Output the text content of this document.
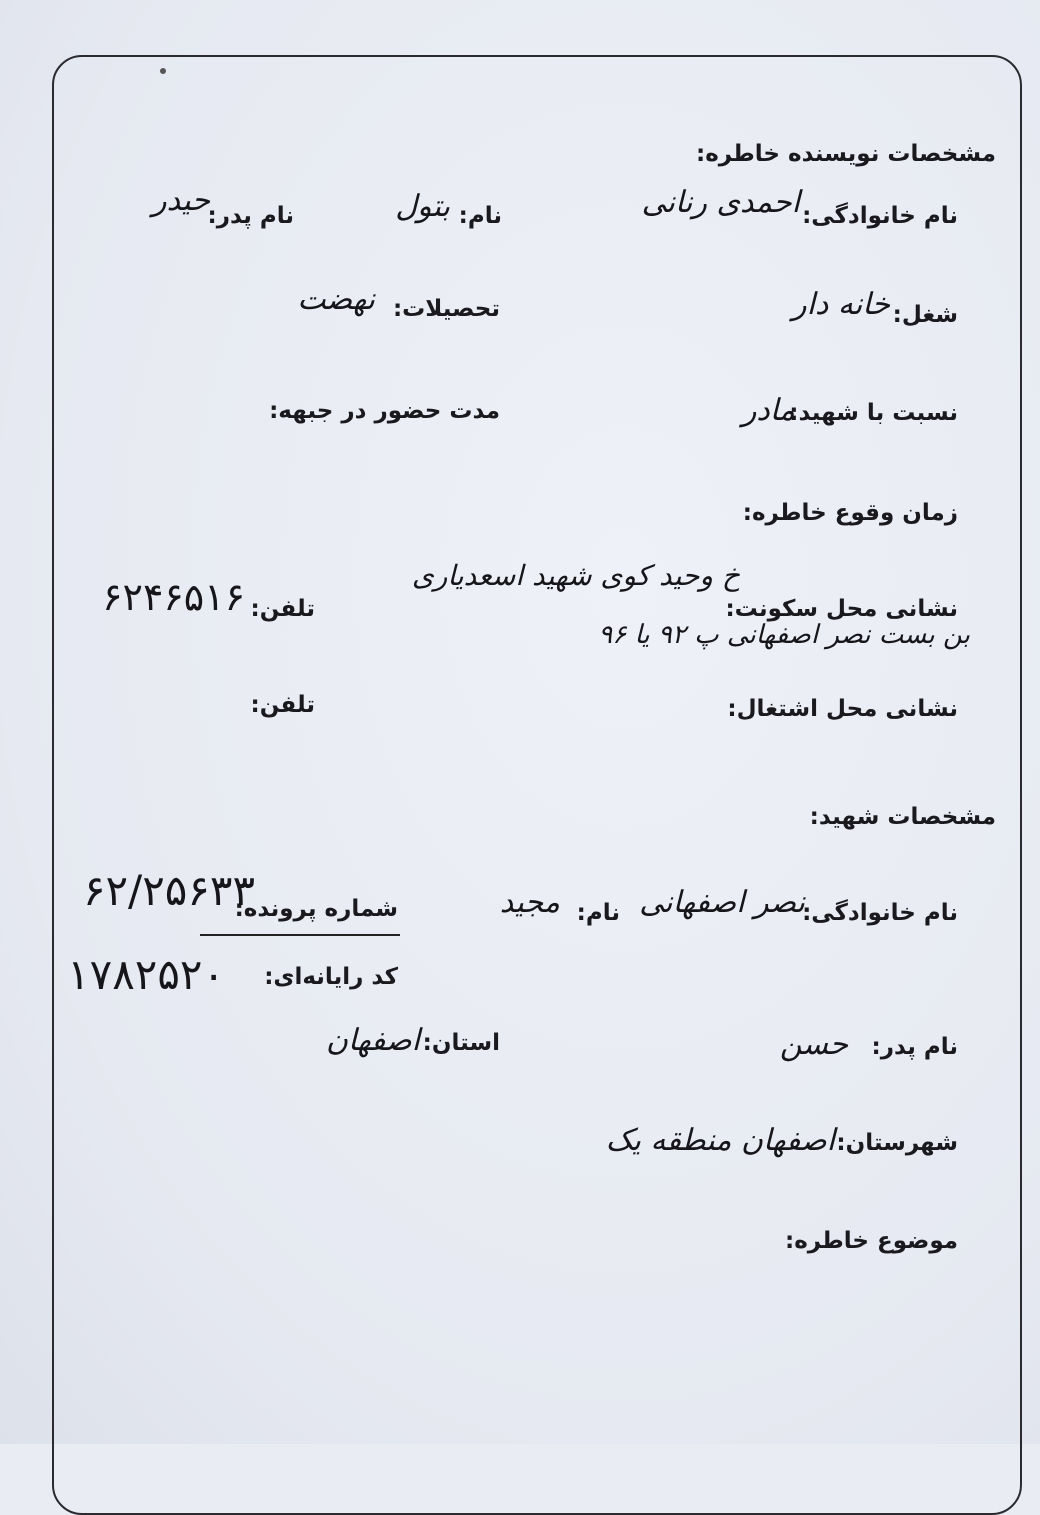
مشخصات نویسنده خاطره:
نام خانوادگی:
احمدی رنانی
نام:
بتول
نام پدر:
حیدر
شغل:
خانه دار
تحصیلات:
نهضت
نسبت با شهید:
مادر
مدت حضور در جبهه:
زمان وقوع خاطره:
نشانی محل سکونت:
خ وحید کوی شهید اسعدیاری
بن بست نصر اصفهانی پ ۹۲ یا ۹۶
تلفن:
۶۲۴۶۵۱۶
نشانی محل اشتغال:
تلفن:
مشخصات شهید:
نام خانوادگی:
نصر اصفهانی
نام:
مجید
شماره پرونده:
۶۲/۲۵۶۳۳
کد رایانه‌ای:
۱۷۸۲۵۲۰
نام پدر:
حسن
استان:
اصفهان
شهرستان:
اصفهان منطقه یک
موضوع خاطره:
